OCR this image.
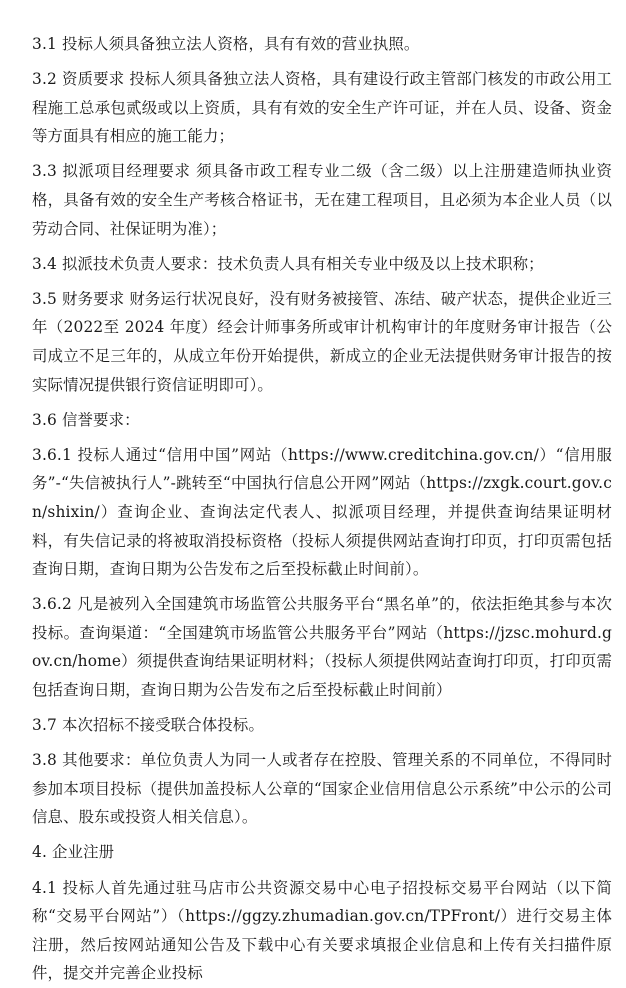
3.1 投标人须具备独立法人资格，具有有效的营业执照。

3.2 资质要求 投标人须具备独立法人资格，具有建设行政主管部门核发的市政公用工程施工总承包贰级或以上资质，具有有效的安全生产许可证，并在人员、设备、资金等方面具有相应的施工能力；

3.3 拟派项目经理要求 须具备市政工程专业二级（含二级）以上注册建造师执业资格，具备有效的安全生产考核合格证书，无在建工程项目，且必须为本企业人员（以劳动合同、社保证明为准）；

3.4 拟派技术负责人要求：技术负责人具有相关专业中级及以上技术职称；

3.5 财务要求 财务运行状况良好，没有财务被接管、冻结、破产状态，提供企业近三年（2022至 2024 年度）经会计师事务所或审计机构审计的年度财务审计报告（公司成立不足三年的，从成立年份开始提供，新成立的企业无法提供财务审计报告的按实际情况提供银行资信证明即可）。

3.6 信誉要求：

3.6.1 投标人通过“信用中国”网站（https://www.creditchina.gov.cn/）“信用服务”-“失信被执行人”-跳转至“中国执行信息公开网”网站（https://zxgk.court.gov.cn/shixin/）查询企业、查询法定代表人、拟派项目经理，并提供查询结果证明材料，有失信记录的将被取消投标资格（投标人须提供网站查询打印页，打印页需包括查询日期，查询日期为公告发布之后至投标截止时间前）。

3.6.2 凡是被列入全国建筑市场监管公共服务平台“黑名单”的，依法拒绝其参与本次投标。查询渠道：“全国建筑市场监管公共服务平台”网站（https://jzsc.mohurd.gov.cn/home）须提供查询结果证明材料；（投标人须提供网站查询打印页，打印页需包括查询日期，查询日期为公告发布之后至投标截止时间前）

3.7 本次招标不接受联合体投标。

3.8 其他要求：单位负责人为同一人或者存在控股、管理关系的不同单位，不得同时参加本项目投标（提供加盖投标人公章的“国家企业信用信息公示系统”中公示的公司信息、股东或投资人相关信息）。

4. 企业注册

4.1 投标人首先通过驻马店市公共资源交易中心电子招投标交易平台网站（以下简称“交易平台网站”）（https://ggzy.zhumadian.gov.cn/TPFront/）进行交易主体注册，然后按网站通知公告及下载中心有关要求填报企业信息和上传有关扫描件原件，提交并完善企业投标
